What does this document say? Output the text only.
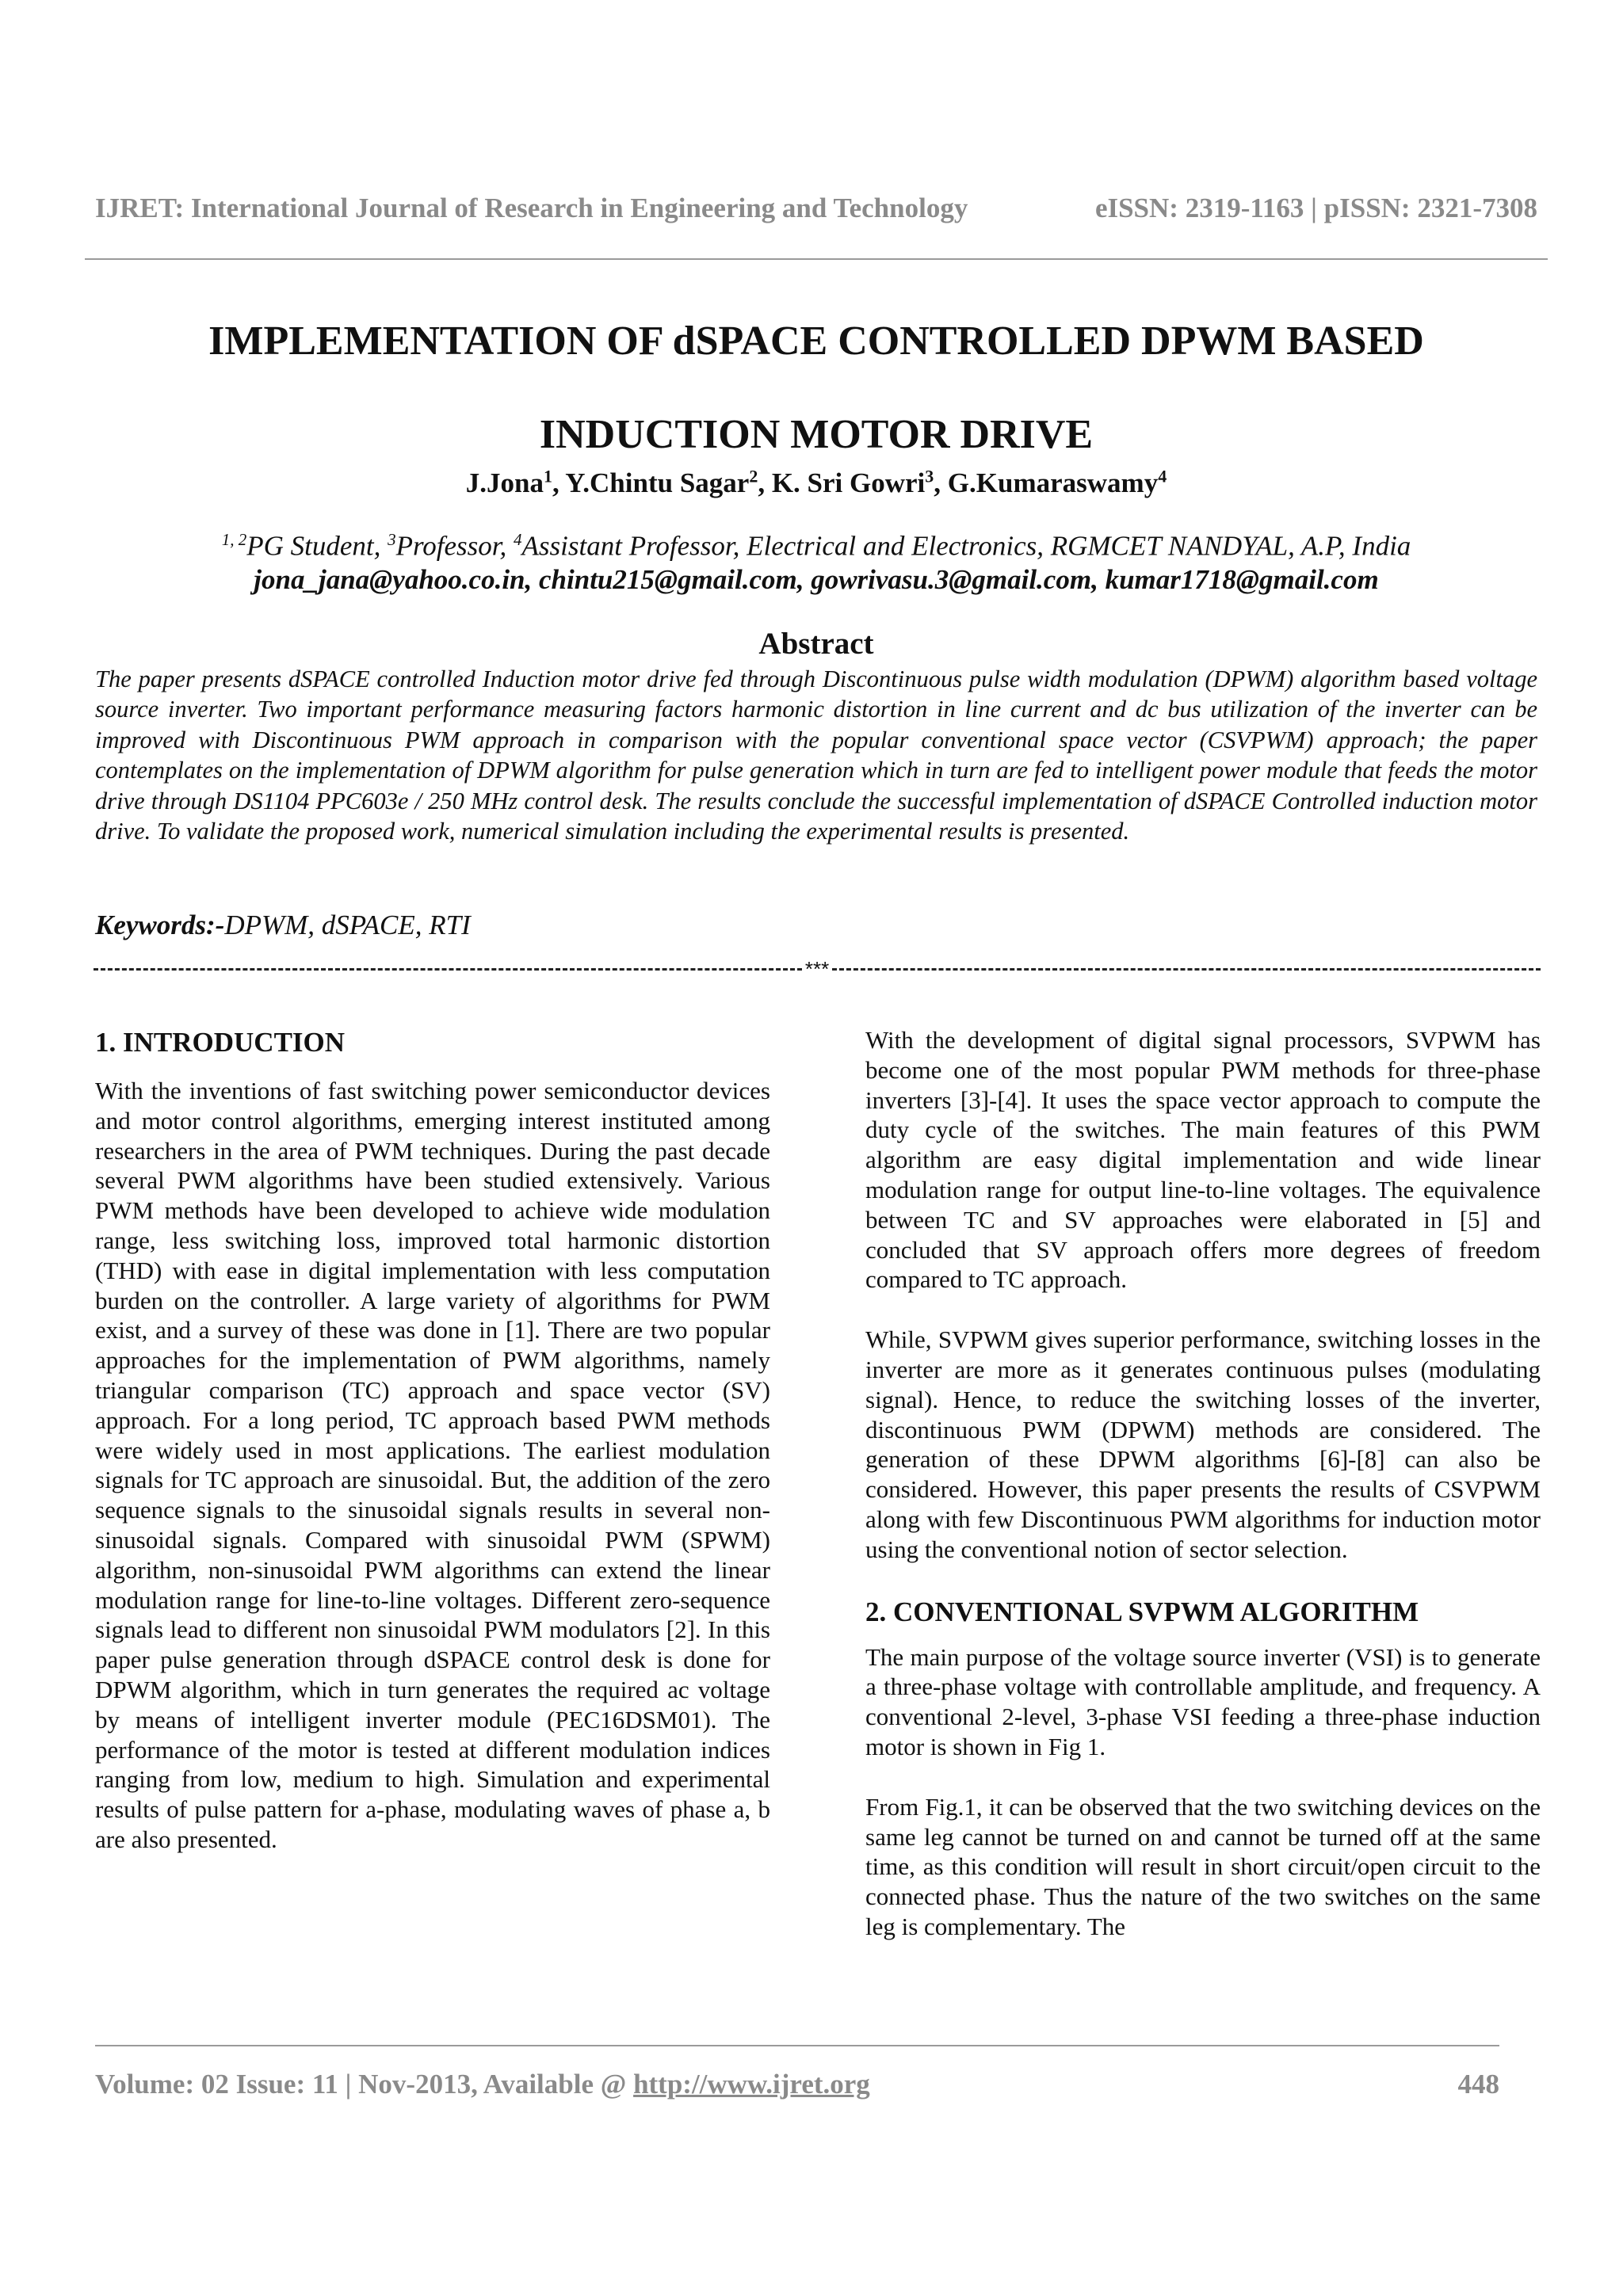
IJRET: International Journal of Research in Engineering and Technology	eISSN: 2319-1163 | pISSN: 2321-7308
IMPLEMENTATION OF dSPACE CONTROLLED DPWM BASED
INDUCTION MOTOR DRIVE
J.Jona$^1$, Y.Chintu Sagar$^2$, K. Sri Gowri$^3$, G.Kumaraswamy$^4$
$^{1, 2}$PG Student, $^3$Professor, $^4$Assistant Professor, Electrical and Electronics, RGMCET NANDYAL, A.P, India
jona_jana@yahoo.co.in, chintu215@gmail.com, gowrivasu.3@gmail.com, kumar1718@gmail.com
Abstract
The paper presents dSPACE controlled Induction motor drive fed through Discontinuous pulse width modulation (DPWM) algorithm based voltage source inverter. Two important performance measuring factors harmonic distortion in line current and dc bus utilization of the inverter can be improved with Discontinuous PWM approach in comparison with the popular conventional space vector (CSVPWM) approach; the paper contemplates on the implementation of DPWM algorithm for pulse generation which in turn are fed to intelligent power module that feeds the motor drive through DS1104 PPC603e / 250 MHz control desk. The results conclude the successful implementation of dSPACE Controlled induction motor drive. To validate the proposed work, numerical simulation including the experimental results is presented.
Keywords:-DPWM, dSPACE, RTI
***
1. INTRODUCTION

With the inventions of fast switching power semiconductor devices and motor control algorithms, emerging interest instituted among researchers in the area of PWM techniques. During the past decade several PWM algorithms have been studied extensively. Various PWM methods have been developed to achieve wide modulation range, less switching loss, improved total harmonic distortion (THD) with ease in digital implementation with less computation burden on the controller. A large variety of algorithms for PWM exist, and a survey of these was done in [1]. There are two popular approaches for the implementation of PWM algorithms, namely triangular comparison (TC) approach and space vector (SV) approach. For a long period, TC approach based PWM methods were widely used in most applications. The earliest modulation signals for TC approach are sinusoidal. But, the addition of the zero sequence signals to the sinusoidal signals results in several non-sinusoidal signals. Compared with sinusoidal PWM (SPWM) algorithm, non-sinusoidal PWM algorithms can extend the linear modulation range for line-to-line voltages. Different zero-sequence signals lead to different non sinusoidal PWM modulators [2]. In this paper pulse generation through dSPACE control desk is done for DPWM algorithm, which in turn generates the required ac voltage by means of intelligent inverter module (PEC16DSM01). The performance of the motor is tested at different modulation indices ranging from low, medium to high. Simulation and experimental results of pulse pattern for a-phase, modulating waves of phase a, b are also presented.

With the development of digital signal processors, SVPWM has become one of the most popular PWM methods for three-phase inverters [3]-[4]. It uses the space vector approach to compute the duty cycle of the switches. The main features of this PWM algorithm are easy digital implementation and wide linear modulation range for output line-to-line voltages. The equivalence between TC and SV approaches were elaborated in [5] and concluded that SV approach offers more degrees of freedom compared to TC approach.

While, SVPWM gives superior performance, switching losses in the inverter are more as it generates continuous pulses (modulating signal). Hence, to reduce the switching losses of the inverter, discontinuous PWM (DPWM) methods are considered. The generation of these DPWM algorithms [6]-[8] can also be considered. However, this paper presents the results of CSVPWM along with few Discontinuous PWM algorithms for induction motor using the conventional notion of sector selection.

2. CONVENTIONAL SVPWM ALGORITHM

The main purpose of the voltage source inverter (VSI) is to generate a three-phase voltage with controllable amplitude, and frequency. A conventional 2-level, 3-phase VSI feeding a three-phase induction motor is shown in Fig 1.

From Fig.1, it can be observed that the two switching devices on the same leg cannot be turned on and cannot be turned off at the same time, as this condition will result in short circuit/open circuit to the connected phase. Thus the nature of the two switches on the same leg is complementary. The

Volume: 02 Issue: 11 | Nov-2013, Available @ http://www.ijret.org	448
